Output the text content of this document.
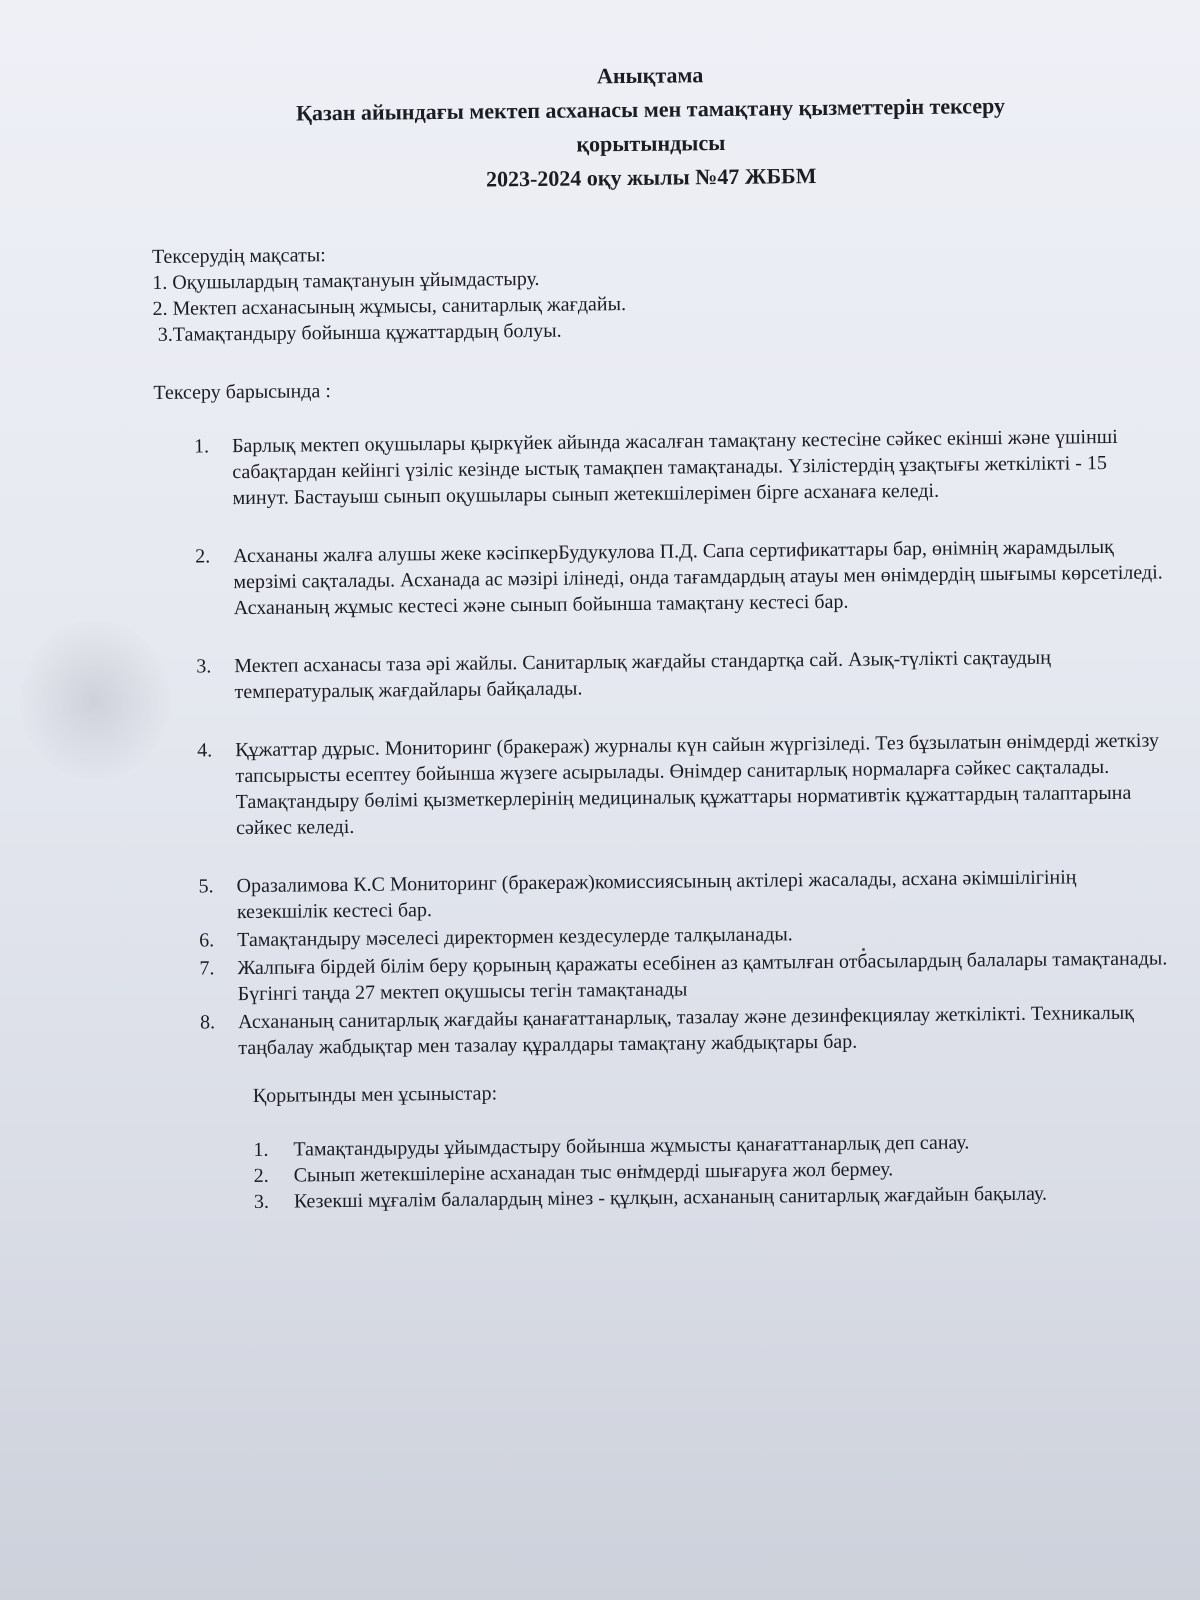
Анықтама
Қазан айындағы мектеп асханасы мен тамақтану қызметтерін тексеру
қорытындысы
2023-2024 оқу жылы №47 ЖББМ
Тексерудің мақсаты:
1. Оқушылардың тамақтануын ұйымдастыру.
2. Мектеп асханасының жұмысы, санитарлық жағдайы.
3.Тамақтандыру бойынша құжаттардың болуы.
Тексеру барысында :
1. Барлық мектеп оқушылары қыркүйек айында жасалған тамақтану кестесіне сәйкес екінші және үшінші сабақтардан кейінгі үзіліс кезінде ыстық тамақпен тамақтанады. Үзілістердің ұзақтығы жеткілікті - 15 минут. Бастауыш сынып оқушылары сынып жетекшілерімен бірге асханаға келеді.
2. Асхананы жалға алушы жеке кәсіпкерБудукулова П.Д. Сапа сертификаттары бар, өнімнің жарамдылық мерзімі сақталады. Асханада ас мәзірі ілінеді, онда тағамдардың атауы мен өнімдердің шығымы көрсетіледі. Асхананың жұмыс кестесі және сынып бойынша тамақтану кестесі бар.
3. Мектеп асханасы таза әрі жайлы. Санитарлық жағдайы стандартқа сай. Азық-түлікті сақтаудың температуралық жағдайлары байқалады.
4. Құжаттар дұрыс. Мониторинг (бракераж) журналы күн сайын жүргізіледі. Тез бұзылатын өнімдерді жеткізу тапсырысты есептеу бойынша жүзеге асырылады. Өнімдер санитарлық нормаларға сәйкес сақталады. Тамақтандыру бөлімі қызметкерлерінің медициналық құжаттары нормативтік құжаттардың талаптарына сәйкес келеді.
5. Оразалимова К.С Мониторинг (бракераж)комиссиясының актілері жасалады, асхана әкімшілігінің кезекшілік кестесі бар.
6. Тамақтандыру мәселесі директормен кездесулерде талқыланады.
7. Жалпыға бірдей білім беру қорының қаражаты есебінен аз қамтылған отбасылардың балалары тамақтанады. Бүгінгі таңда 27 мектеп оқушысы тегін тамақтанады
8. Асхананың санитарлық жағдайы қанағаттанарлық, тазалау және дезинфекциялау жеткілікті. Техникалық таңбалау жабдықтар мен тазалау құралдары тамақтану жабдықтары бар.
Қорытынды мен ұсыныстар:
1. Тамақтандыруды ұйымдастыру бойынша жұмысты қанағаттанарлық деп санау.
2. Сынып жетекшілеріне асханадан тыс өнімдерді шығаруға жол бермеу.
3. Кезекші мұғалім балалардың мінез - құлқын, асхананың санитарлық жағдайын бақылау.
